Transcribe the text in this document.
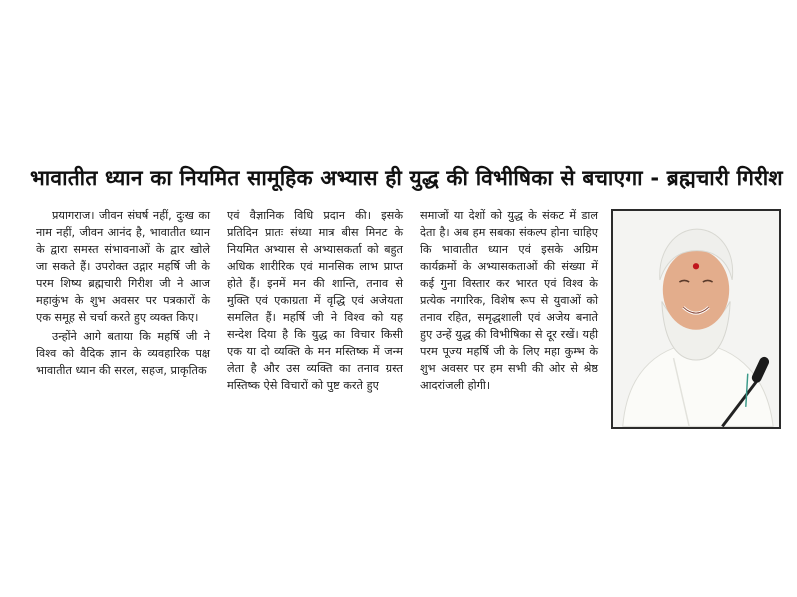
भावातीत ध्यान का नियमित सामूहिक अभ्यास ही युद्ध की विभीषिका से बचाएगा - ब्रह्मचारी गिरीश

प्रयागराज। जीवन संघर्ष नहीं, दुःख का नाम नहीं, जीवन आनंद है, भावातीत ध्यान के द्वारा समस्त संभावनाओं के द्वार खोले जा सकते हैं। उपरोक्त उद्गार महर्षि जी के परम शिष्य ब्रह्मचारी गिरीश जी ने आज महाकुंभ के शुभ अवसर पर पत्रकारों के एक समूह से चर्चा करते हुए व्यक्त किए।

उन्होंने आगे बताया कि महर्षि जी ने विश्व को वैदिक ज्ञान के व्यवहारिक पक्ष भावातीत ध्यान की सरल, सहज, प्राकृतिक

एवं वैज्ञानिक विधि प्रदान की। इसके प्रतिदिन प्रातः संध्या मात्र बीस मिनट के नियमित अभ्यास से अभ्यासकर्ता को बहुत अधिक शारीरिक एवं मानसिक लाभ प्राप्त होते हैं। इनमें मन की शान्ति, तनाव से मुक्ति एवं एकाग्रता में वृद्धि एवं अजेयता समलित हैं। महर्षि जी ने विश्व को यह सन्देश दिया है कि युद्ध का विचार किसी एक या दो व्यक्ति के मन मस्तिष्क में जन्म लेता है और उस व्यक्ति का तनाव ग्रस्त मस्तिष्क ऐसे विचारों को पुष्ट करते हुए

समाजों या देशों को युद्ध के संकट में डाल देता है। अब हम सबका संकल्प होना चाहिए कि भावातीत ध्यान एवं इसके अग्रिम कार्यक्रमों के अभ्यासकताओं की संख्या में कई गुना विस्तार कर भारत एवं विश्व के प्रत्येक नगारिक, विशेष रूप से युवाओं को तनाव रहित, समृद्धशाली एवं अजेय बनाते हुए उन्हें युद्ध की विभीषिका से दूर रखें। यही परम पूज्य महर्षि जी के लिए महा कुम्भ के शुभ अवसर पर हम सभी की ओर से श्रेष्ठ आदरांजली होगी।
